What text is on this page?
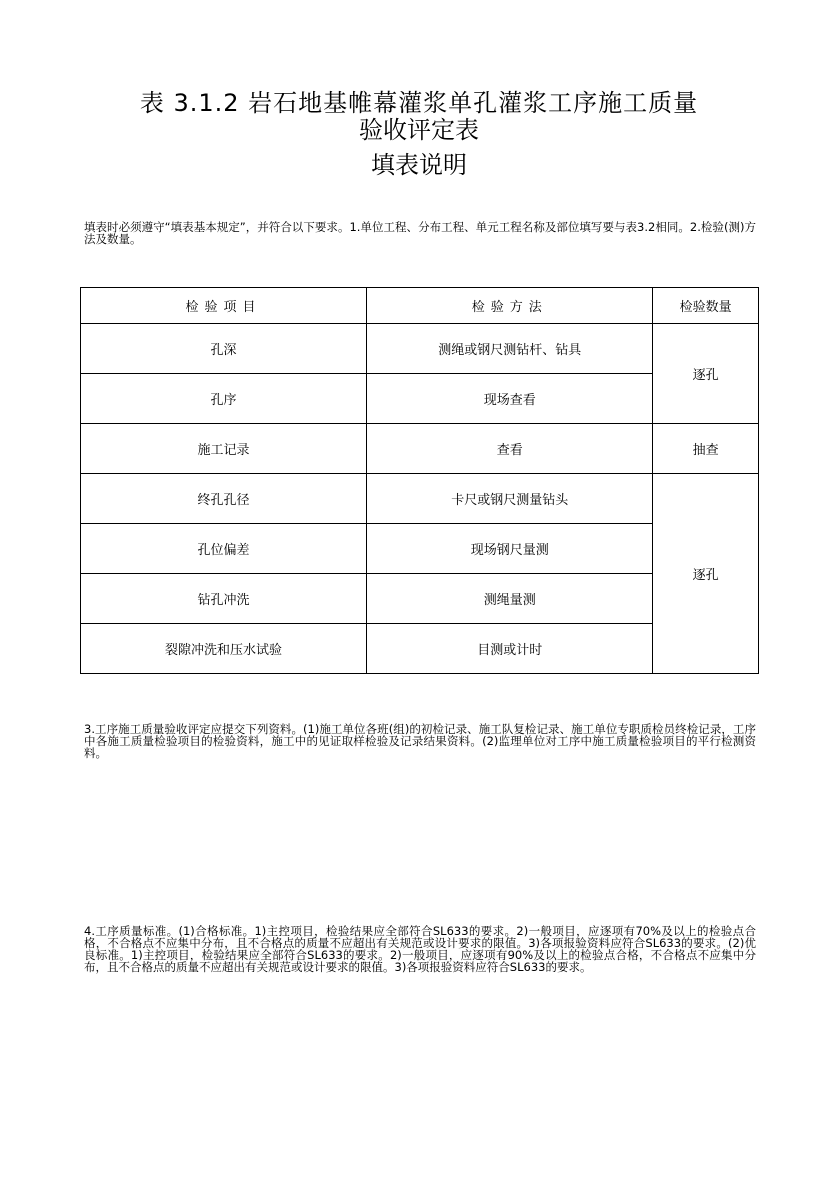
表 3.1.2 岩石地基帷幕灌浆单孔灌浆工序施工质量
验收评定表
填表说明
填表时必须遵守“填表基本规定”，并符合以下要求。1.单位工程、分布工程、单元工程名称及部位填写要与表3.2相同。2.检验(测)方法及数量。
检验项目	检验方法	检验数量
孔深	测绳或钢尺测钻杆、钻具	逐孔
孔序	现场查看	
施工记录	查看	抽查
终孔孔径	卡尺或钢尺测量钻头	逐孔
孔位偏差	现场钢尺量测	
钻孔冲洗	测绳量测	
裂隙冲洗和压水试验	目测或计时	
3.工序施工质量验收评定应提交下列资料。(1)施工单位各班(组)的初检记录、施工队复检记录、施工单位专职质检员终检记录，工序中各施工质量检验项目的检验资料，施工中的见证取样检验及记录结果资料。(2)监理单位对工序中施工质量检验项目的平行检测资料。
4.工序质量标准。(1)合格标准。1)主控项目，检验结果应全部符合SL633的要求。2)一般项目，应逐项有70%及以上的检验点合格，不合格点不应集中分布，且不合格点的质量不应超出有关规范或设计要求的限值。3)各项报验资料应符合SL633的要求。(2)优良标准。1)主控项目，检验结果应全部符合SL633的要求。2)一般项目，应逐项有90%及以上的检验点合格，不合格点不应集中分布，且不合格点的质量不应超出有关规范或设计要求的限值。3)各项报验资料应符合SL633的要求。
